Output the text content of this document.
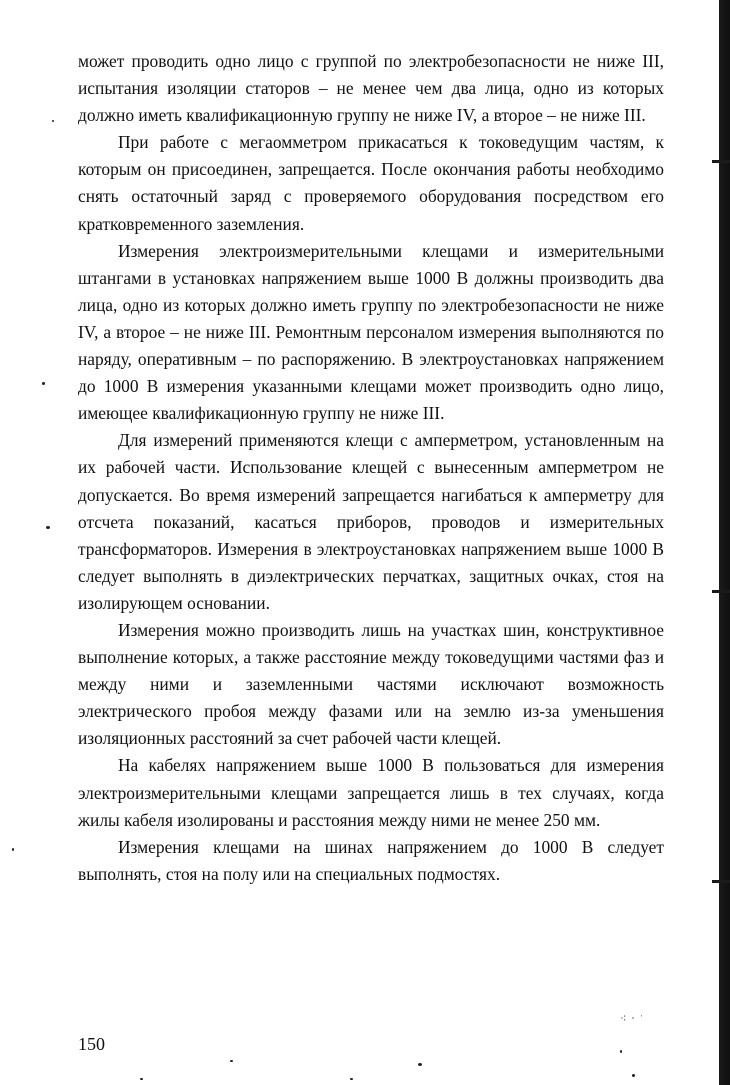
может проводить одно лицо с группой по электробезопасности не ниже III, испытания изоляции статоров – не менее чем два лица, одно из которых должно иметь квалификационную группу не ниже IV, а второе – не ниже III.

При работе с мегаомметром прикасаться к токоведущим частям, к которым он присоединен, запрещается. После окончания работы необходимо снять остаточный заряд с проверяемого оборудования посредством его кратковременного заземления.

Измерения электроизмерительными клещами и измерительными штангами в установках напряжением выше 1000 В должны производить два лица, одно из которых должно иметь группу по электробезопасности не ниже IV, а второе – не ниже III. Ремонтным персоналом измерения выполняются по наряду, оперативным – по распоряжению. В электроустановках напряжением до 1000 В измерения указанными клещами может производить одно лицо, имеющее квалификационную группу не ниже III.

Для измерений применяются клещи с амперметром, установленным на их рабочей части. Использование клещей с вынесенным амперметром не допускается. Во время измерений запрещается нагибаться к амперметру для отсчета показаний, касаться приборов, проводов и измерительных трансформаторов. Измерения в электроустановках напряжением выше 1000 В следует выполнять в диэлектрических перчатках, защитных очках, стоя на изолирующем основании.

Измерения можно производить лишь на участках шин, конструктивное выполнение которых, а также расстояние между токоведущими частями фаз и между ними и заземленными частями исключают возможность электрического пробоя между фазами или на землю из-за уменьшения изоляционных расстояний за счет рабочей части клещей.

На кабелях напряжением выше 1000 В пользоваться для измерения электроизмерительными клещами запрещается лишь в тех случаях, когда жилы кабеля изолированы и расстояния между ними не менее 250 мм.

Измерения клещами на шинах напряжением до 1000 В следует выполнять, стоя на полу или на специальных подмостях.

⁖ ‧ ˈ
150
